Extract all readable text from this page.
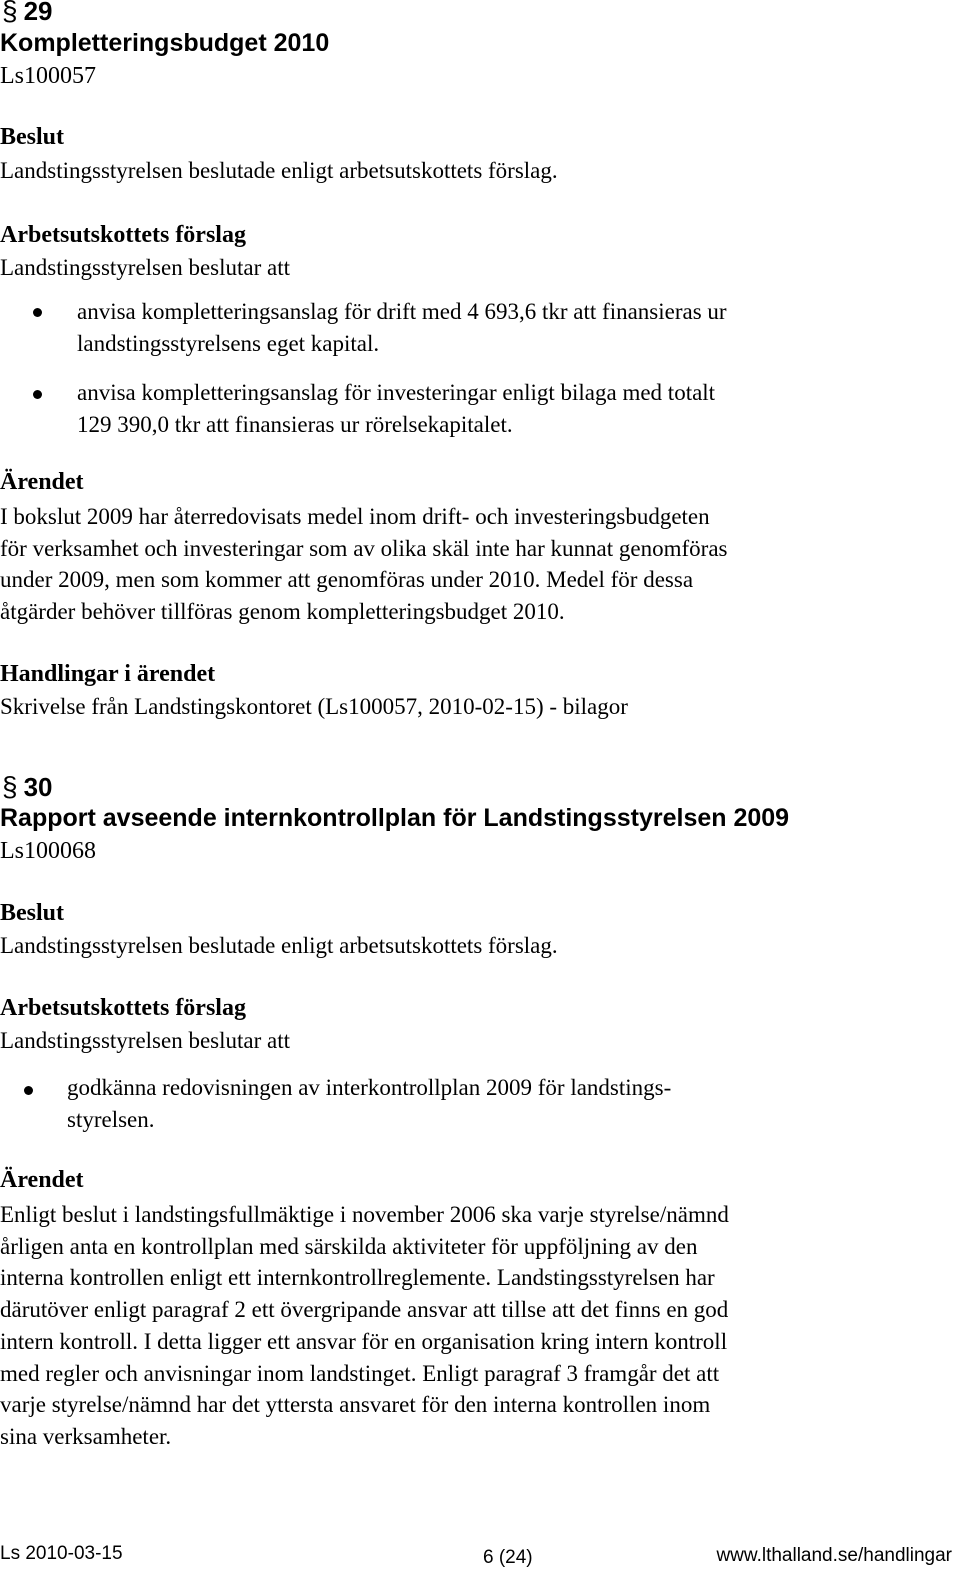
§ 29
Kompletteringsbudget 2010
Ls100057
Beslut
Landstingsstyrelsen beslutade enligt arbetsutskottets förslag.
Arbetsutskottets förslag
Landstingsstyrelsen beslutar att
anvisa kompletteringsanslag för drift med 4 693,6 tkr att finansieras ur
landstingsstyrelsens eget kapital.
anvisa kompletteringsanslag för investeringar enligt bilaga med totalt
129 390,0 tkr att finansieras ur rörelsekapitalet.
Ärendet
I bokslut 2009 har återredovisats medel inom drift- och investeringsbudgeten
för verksamhet och investeringar som av olika skäl inte har kunnat genomföras
under 2009, men som kommer att genomföras under 2010. Medel för dessa
åtgärder behöver tillföras genom kompletteringsbudget 2010.
Handlingar i ärendet
Skrivelse från Landstingskontoret (Ls100057, 2010-02-15) - bilagor
§ 30
Rapport avseende internkontrollplan för Landstingsstyrelsen 2009
Ls100068
Beslut
Landstingsstyrelsen beslutade enligt arbetsutskottets förslag.
Arbetsutskottets förslag
Landstingsstyrelsen beslutar att
godkänna redovisningen av interkontrollplan 2009 för landstings-
styrelsen.
Ärendet
Enligt beslut i landstingsfullmäktige i november 2006 ska varje styrelse/nämnd
årligen anta en kontrollplan med särskilda aktiviteter för uppföljning av den
interna kontrollen enligt ett internkontrollreglemente. Landstingsstyrelsen har
därutöver enligt paragraf 2 ett övergripande ansvar att tillse att det finns en god
intern kontroll. I detta ligger ett ansvar för en organisation kring intern kontroll
med regler och anvisningar inom landstinget. Enligt paragraf 3 framgår det att
varje styrelse/nämnd har det yttersta ansvaret för den interna kontrollen inom
sina verksamheter.
Ls 2010-03-15	6 (24)	www.lthalland.se/handlingar
